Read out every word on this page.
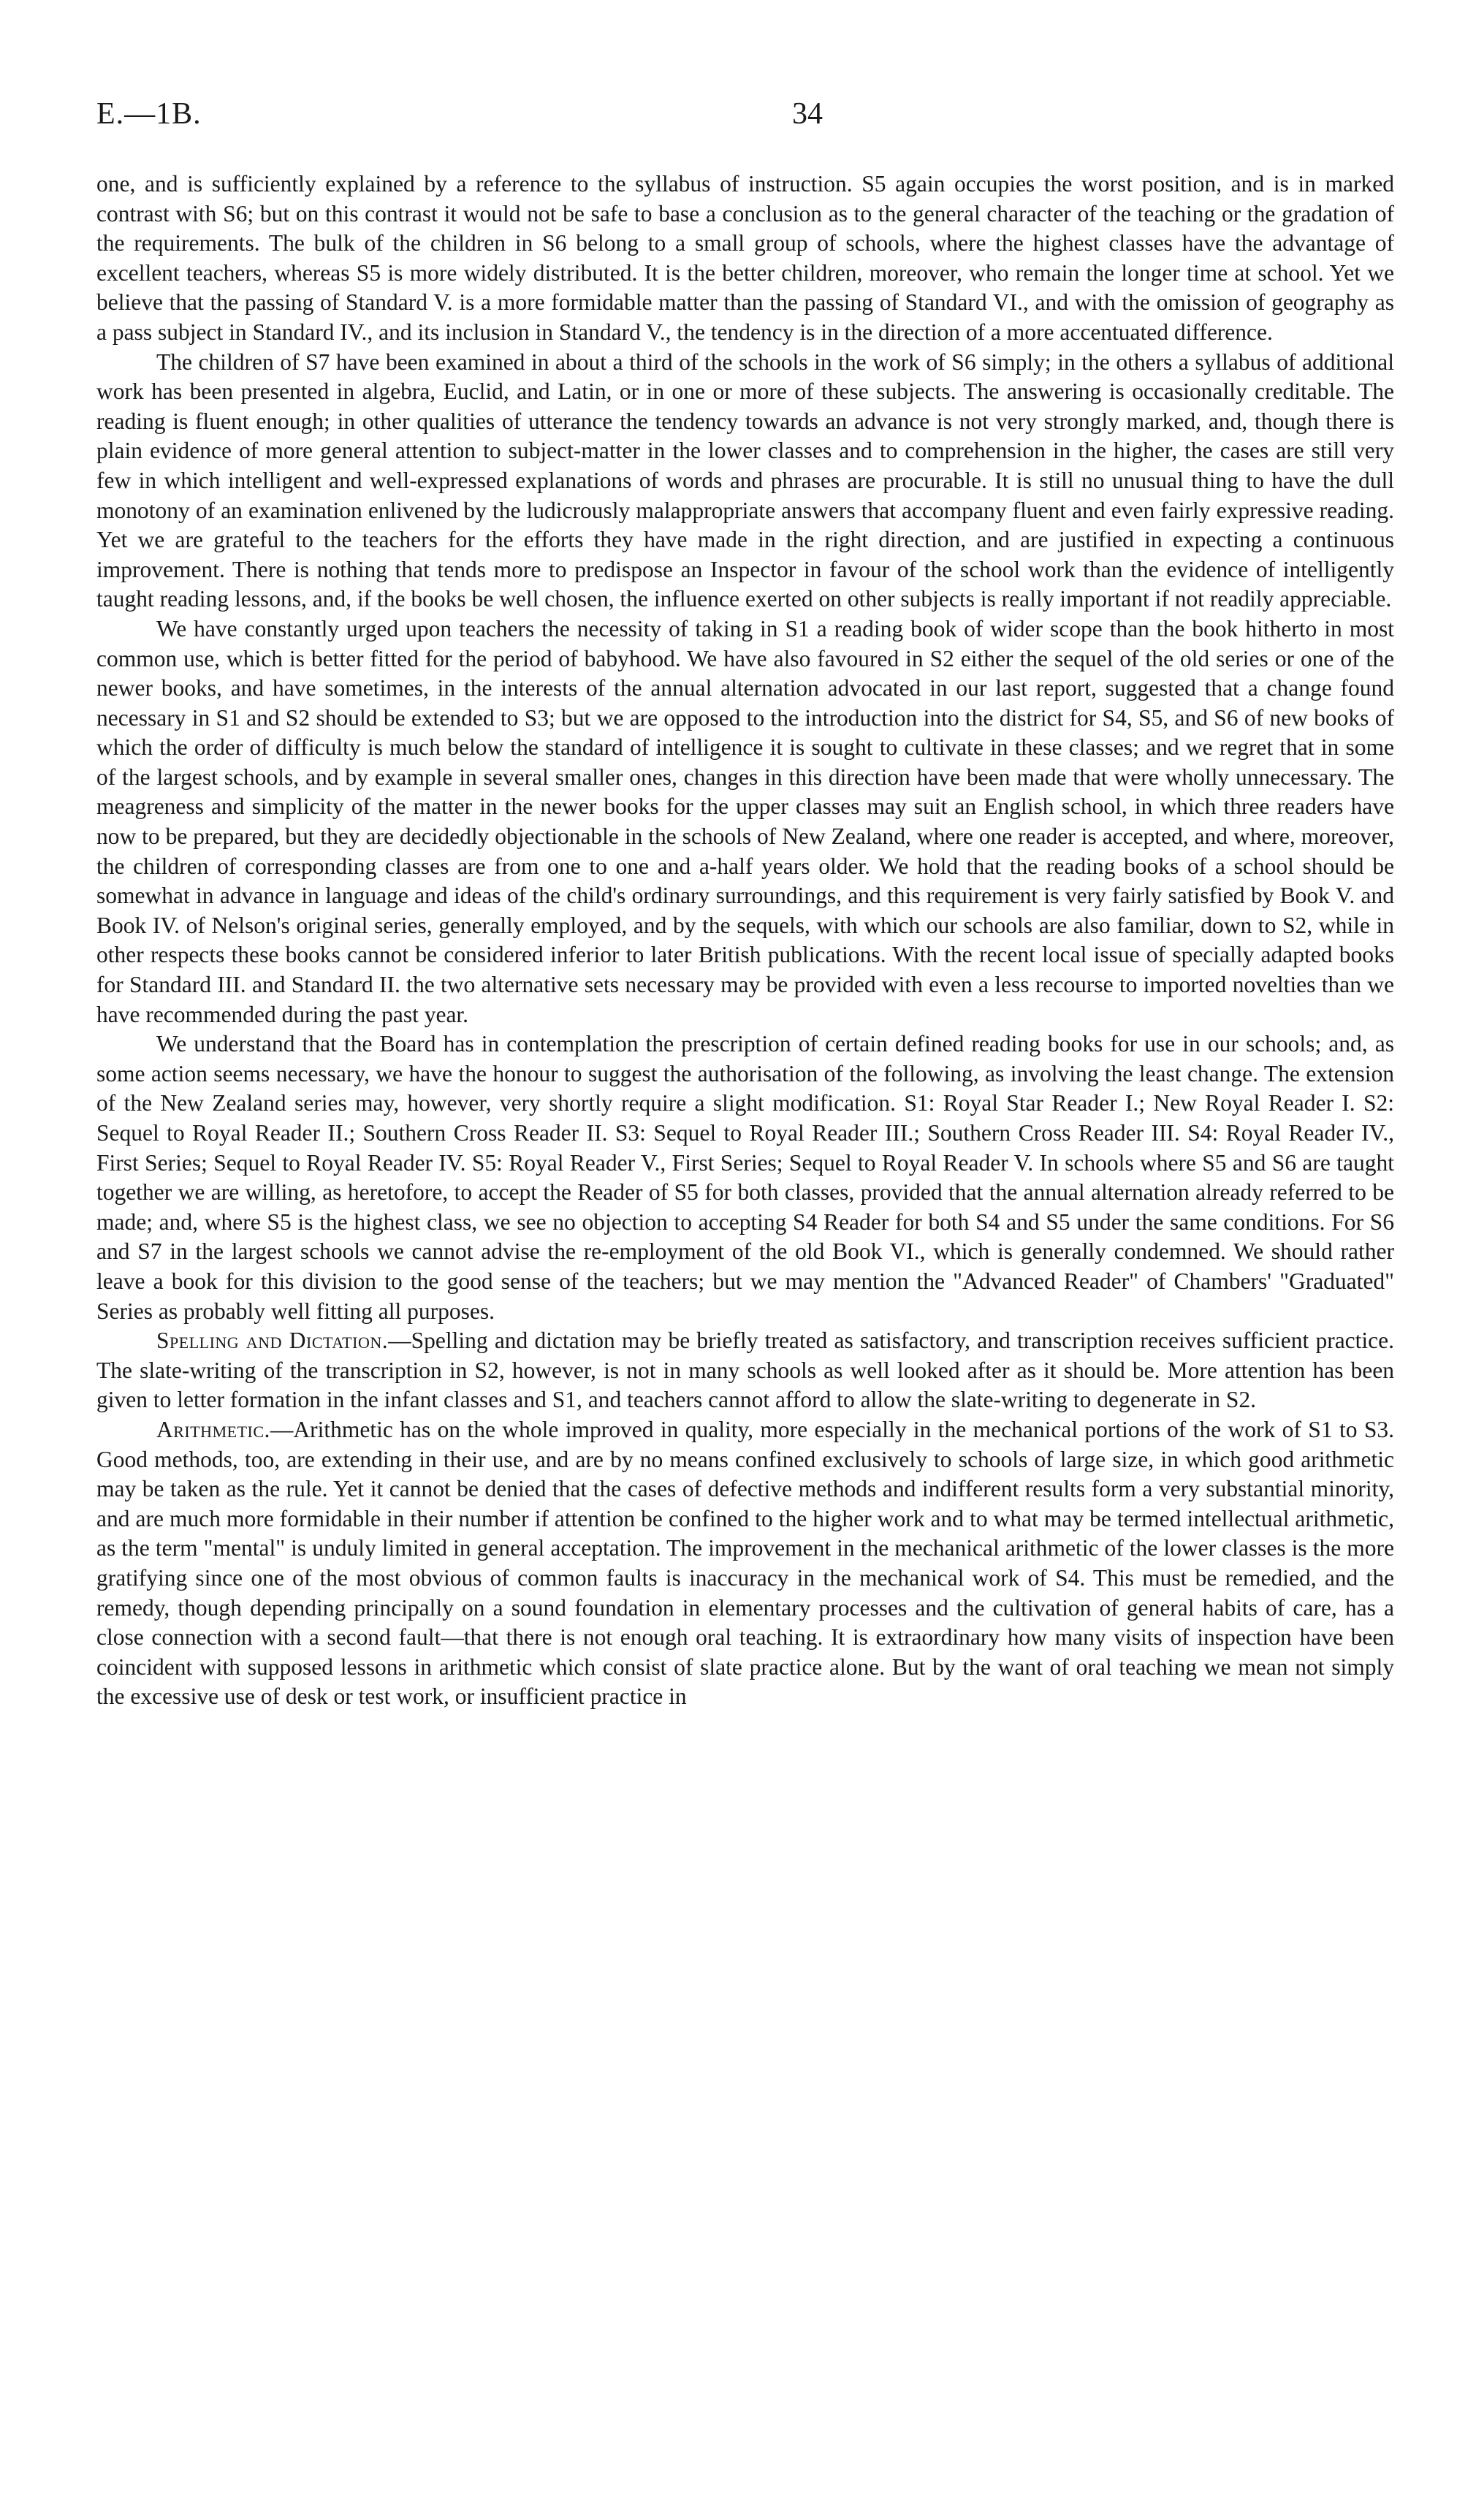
E.—1B.	34

one, and is sufficiently explained by a reference to the syllabus of instruction. S5 again occupies the worst position, and is in marked contrast with S6; but on this contrast it would not be safe to base a conclusion as to the general character of the teaching or the gradation of the requirements. The bulk of the children in S6 belong to a small group of schools, where the highest classes have the advantage of excellent teachers, whereas S5 is more widely distributed. It is the better children, moreover, who remain the longer time at school. Yet we believe that the passing of Standard V. is a more formidable matter than the passing of Standard VI., and with the omission of geography as a pass subject in Standard IV., and its inclusion in Standard V., the tendency is in the direction of a more accentuated difference.

The children of S7 have been examined in about a third of the schools in the work of S6 simply; in the others a syllabus of additional work has been presented in algebra, Euclid, and Latin, or in one or more of these subjects. The answering is occasionally creditable. The reading is fluent enough; in other qualities of utterance the tendency towards an advance is not very strongly marked, and, though there is plain evidence of more general attention to subject-matter in the lower classes and to comprehension in the higher, the cases are still very few in which intelligent and well-expressed explanations of words and phrases are procurable. It is still no unusual thing to have the dull monotony of an examination enlivened by the ludicrously malappropriate answers that accompany fluent and even fairly expressive reading. Yet we are grateful to the teachers for the efforts they have made in the right direction, and are justified in expecting a continuous improvement. There is nothing that tends more to predispose an Inspector in favour of the school work than the evidence of intelligently taught reading lessons, and, if the books be well chosen, the influence exerted on other subjects is really important if not readily appreciable.

We have constantly urged upon teachers the necessity of taking in S1 a reading book of wider scope than the book hitherto in most common use, which is better fitted for the period of babyhood. We have also favoured in S2 either the sequel of the old series or one of the newer books, and have sometimes, in the interests of the annual alternation advocated in our last report, suggested that a change found necessary in S1 and S2 should be extended to S3; but we are opposed to the introduction into the district for S4, S5, and S6 of new books of which the order of difficulty is much below the standard of intelligence it is sought to cultivate in these classes; and we regret that in some of the largest schools, and by example in several smaller ones, changes in this direction have been made that were wholly unnecessary. The meagreness and simplicity of the matter in the newer books for the upper classes may suit an English school, in which three readers have now to be prepared, but they are decidedly objectionable in the schools of New Zealand, where one reader is accepted, and where, moreover, the children of corresponding classes are from one to one and a-half years older. We hold that the reading books of a school should be somewhat in advance in language and ideas of the child's ordinary surroundings, and this requirement is very fairly satisfied by Book V. and Book IV. of Nelson's original series, generally employed, and by the sequels, with which our schools are also familiar, down to S2, while in other respects these books cannot be considered inferior to later British publications. With the recent local issue of specially adapted books for Standard III. and Standard II. the two alternative sets necessary may be provided with even a less recourse to imported novelties than we have recommended during the past year.

We understand that the Board has in contemplation the prescription of certain defined reading books for use in our schools; and, as some action seems necessary, we have the honour to suggest the authorisation of the following, as involving the least change. The extension of the New Zealand series may, however, very shortly require a slight modification. S1: Royal Star Reader I.; New Royal Reader I. S2: Sequel to Royal Reader II.; Southern Cross Reader II. S3: Sequel to Royal Reader III.; Southern Cross Reader III. S4: Royal Reader IV., First Series; Sequel to Royal Reader IV. S5: Royal Reader V., First Series; Sequel to Royal Reader V. In schools where S5 and S6 are taught together we are willing, as heretofore, to accept the Reader of S5 for both classes, provided that the annual alternation already referred to be made; and, where S5 is the highest class, we see no objection to accepting S4 Reader for both S4 and S5 under the same conditions. For S6 and S7 in the largest schools we cannot advise the re-employment of the old Book VI., which is generally condemned. We should rather leave a book for this division to the good sense of the teachers; but we may mention the "Advanced Reader" of Chambers' "Graduated" Series as probably well fitting all purposes.

Spelling and Dictation.—Spelling and dictation may be briefly treated as satisfactory, and transcription receives sufficient practice. The slate-writing of the transcription in S2, however, is not in many schools as well looked after as it should be. More attention has been given to letter formation in the infant classes and S1, and teachers cannot afford to allow the slate-writing to degenerate in S2.

Arithmetic.—Arithmetic has on the whole improved in quality, more especially in the mechanical portions of the work of S1 to S3. Good methods, too, are extending in their use, and are by no means confined exclusively to schools of large size, in which good arithmetic may be taken as the rule. Yet it cannot be denied that the cases of defective methods and indifferent results form a very substantial minority, and are much more formidable in their number if attention be confined to the higher work and to what may be termed intellectual arithmetic, as the term "mental" is unduly limited in general acceptation. The improvement in the mechanical arithmetic of the lower classes is the more gratifying since one of the most obvious of common faults is inaccuracy in the mechanical work of S4. This must be remedied, and the remedy, though depending principally on a sound foundation in elementary processes and the cultivation of general habits of care, has a close connection with a second fault—that there is not enough oral teaching. It is extraordinary how many visits of inspection have been coincident with supposed lessons in arithmetic which consist of slate practice alone. But by the want of oral teaching we mean not simply the excessive use of desk or test work, or insufficient practice in
